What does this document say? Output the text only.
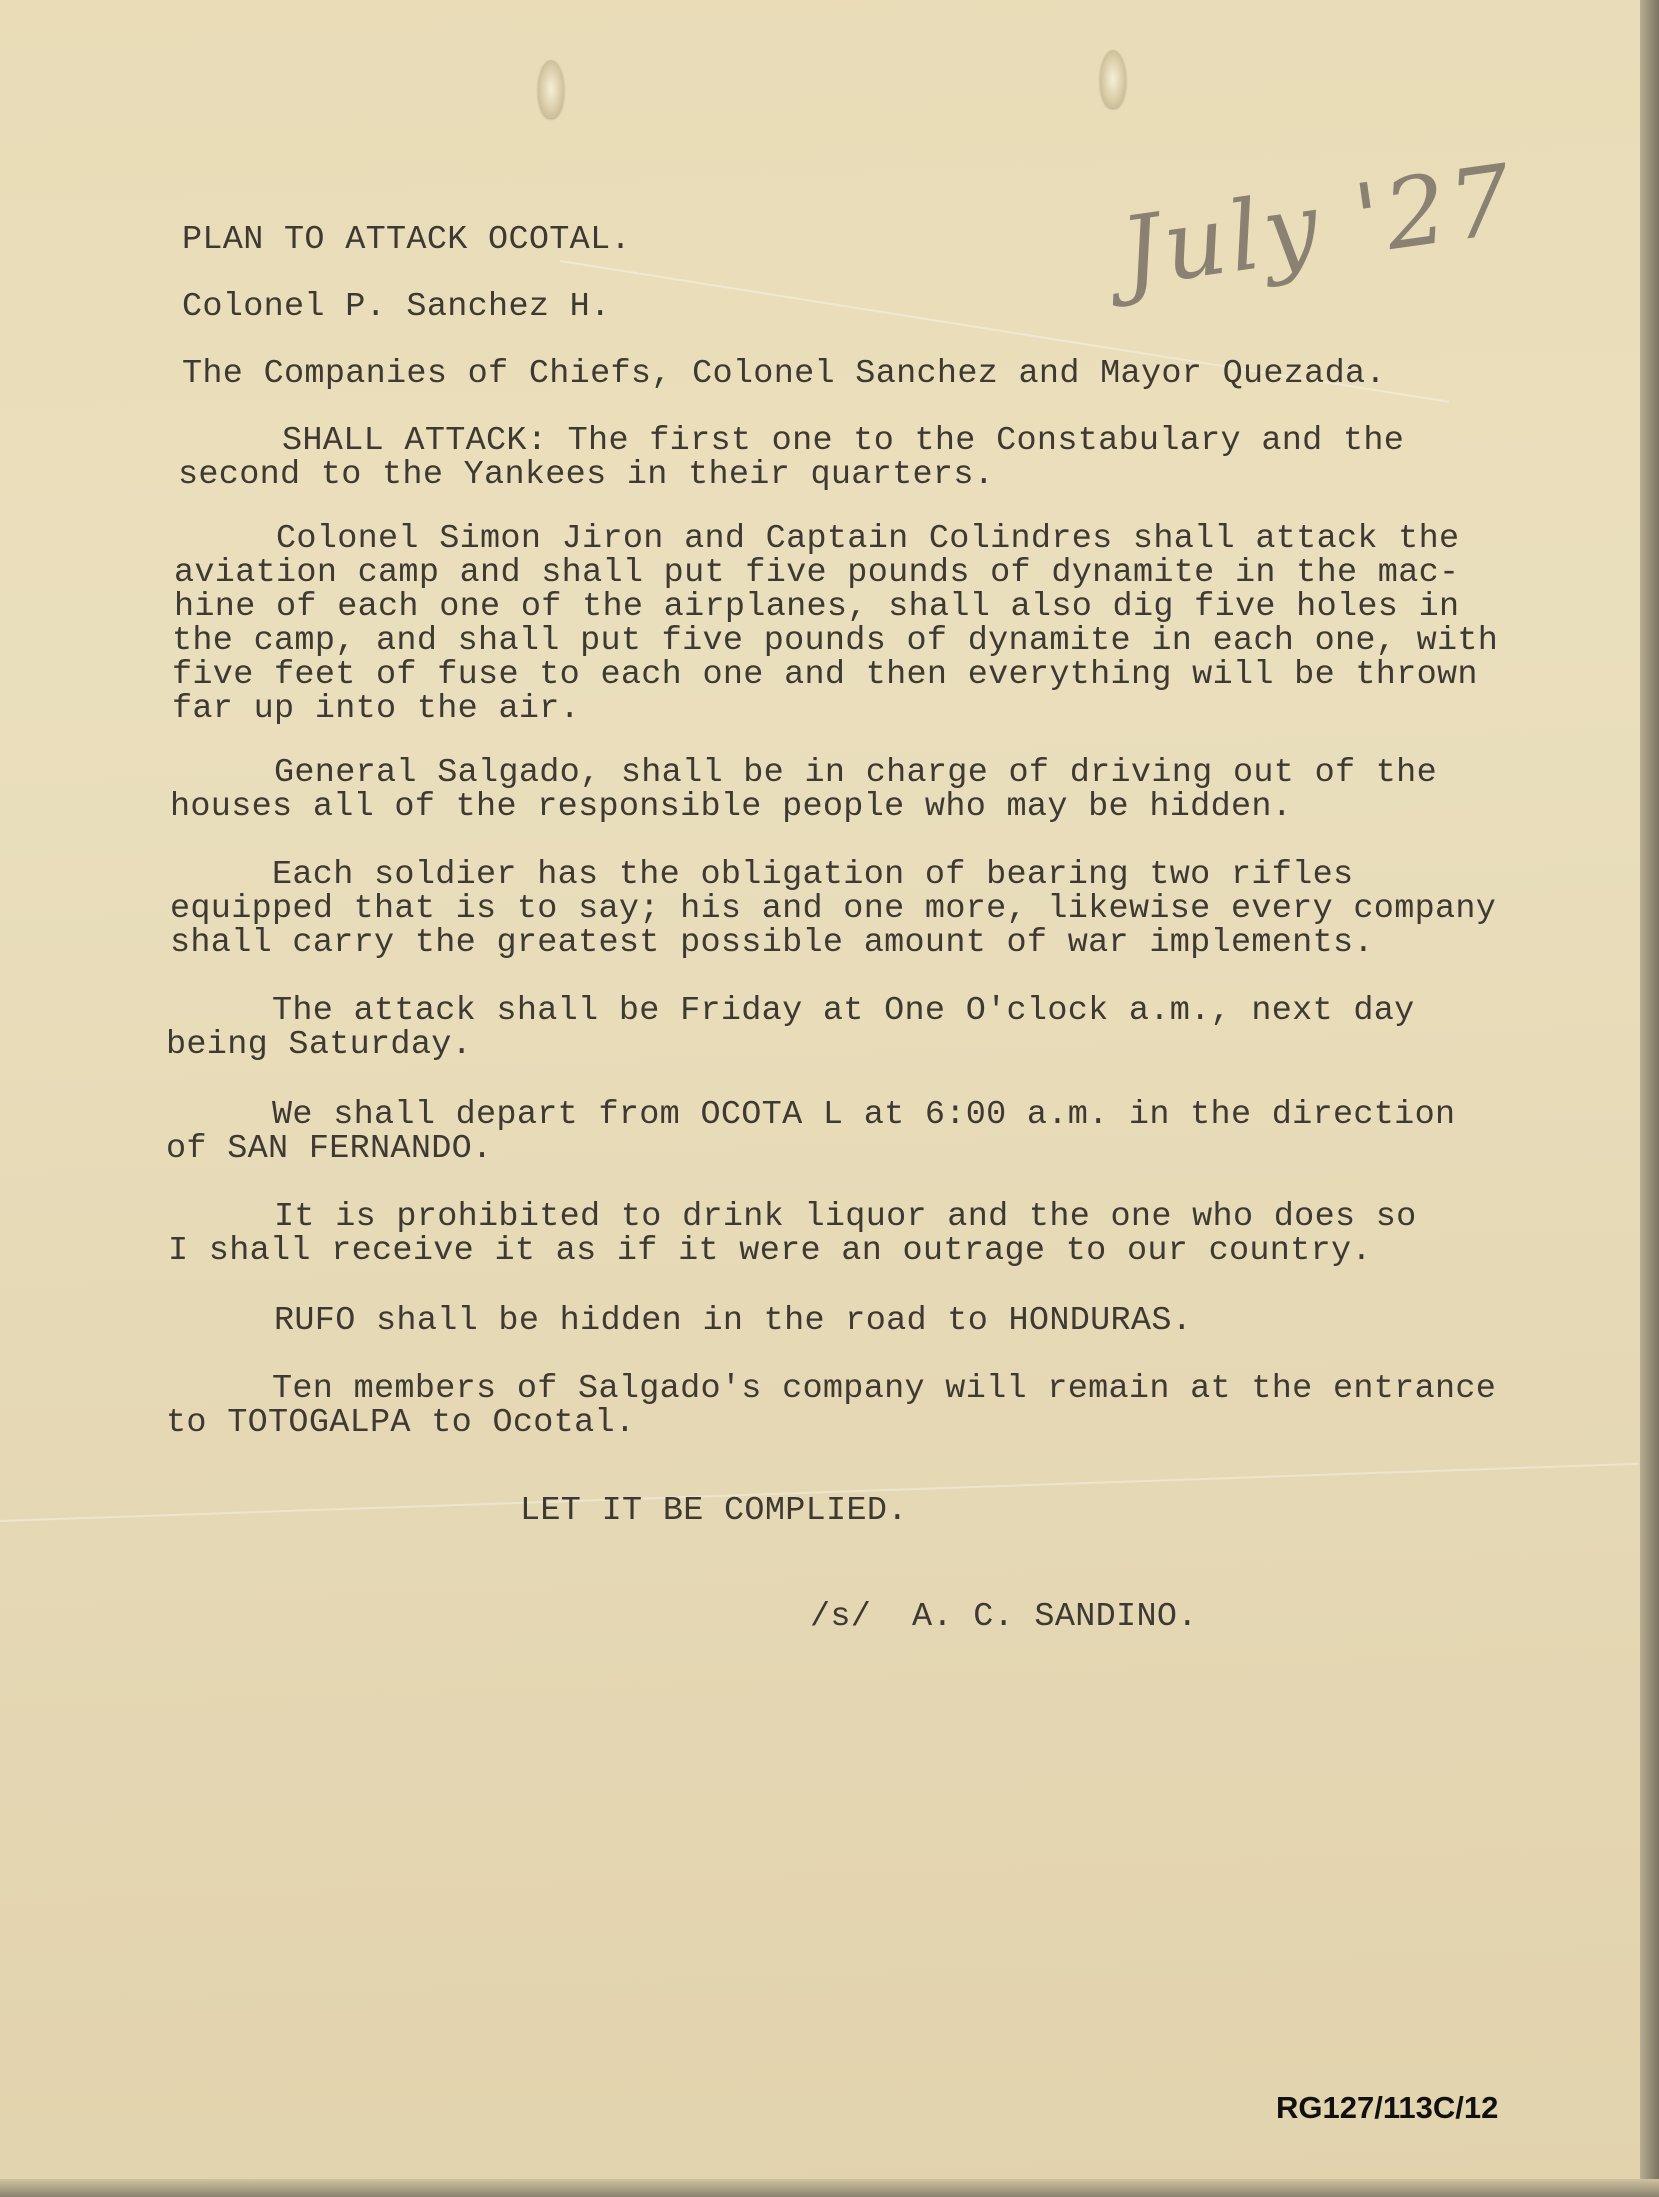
July '27
PLAN TO ATTACK OCOTAL.
Colonel P. Sanchez H.
The Companies of Chiefs, Colonel Sanchez and Mayor Quezada.
SHALL ATTACK: The first one to the Constabulary and the
second to the Yankees in their quarters.
Colonel Simon Jiron and Captain Colindres shall attack the
aviation camp and shall put five pounds of dynamite in the mac-
hine of each one of the airplanes, shall also dig five holes in
the camp, and shall put five pounds of dynamite in each one, with
five feet of fuse to each one and then everything will be thrown
far up into the air.
General Salgado, shall be in charge of driving out of the
houses all of the responsible people who may be hidden.
Each soldier has the obligation of bearing two rifles
equipped that is to say; his and one more, likewise every company
shall carry the greatest possible amount of war implements.
The attack shall be Friday at One O'clock a.m., next day
being Saturday.
We shall depart from OCOTA L at 6:00 a.m. in the direction
of SAN FERNANDO.
It is prohibited to drink liquor and the one who does so
I shall receive it as if it were an outrage to our country.
RUFO shall be hidden in the road to HONDURAS.
Ten members of Salgado's company will remain at the entrance
to TOTOGALPA to Ocotal.
LET IT BE COMPLIED.
/s/  A. C. SANDINO.
RG127/113C/12
